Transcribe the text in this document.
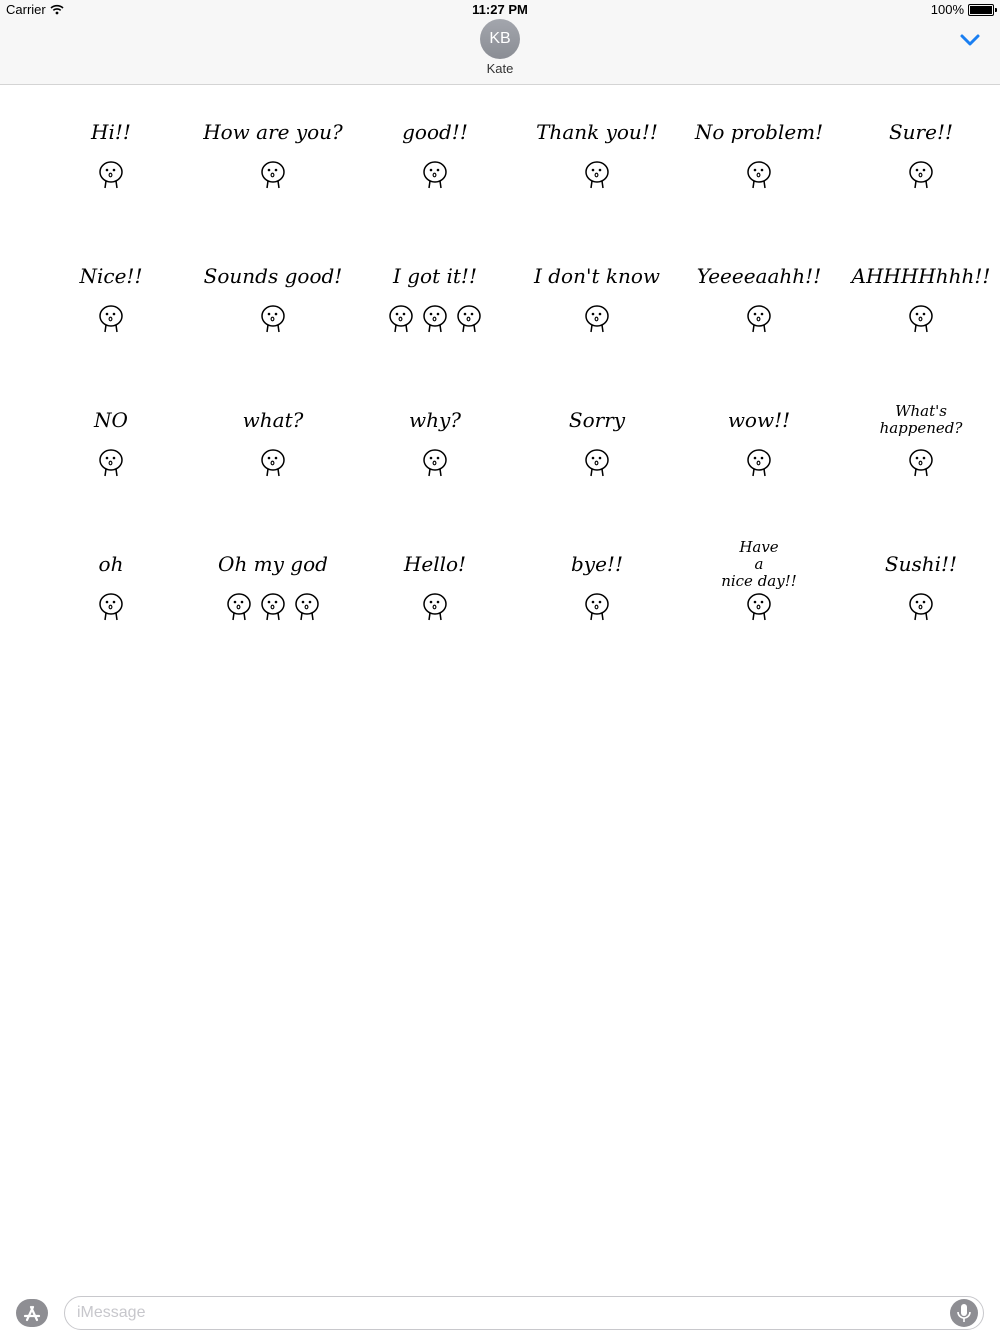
KB
Kate
Carrier	11:27 PM	100%
Hi!!	How are you?	good!!	Thank you!!	No problem!	Sure!!
Nice!!	Sounds good!	I got it!!	I don't know	Yeeeeaahh!!	AHHHHhhh!!
NO	what?	why?	Sorry	wow!!	What's
happened?
oh	Oh my god	Hello!	bye!!
Have
a
nice day!!
Sushi!!
iMessage
